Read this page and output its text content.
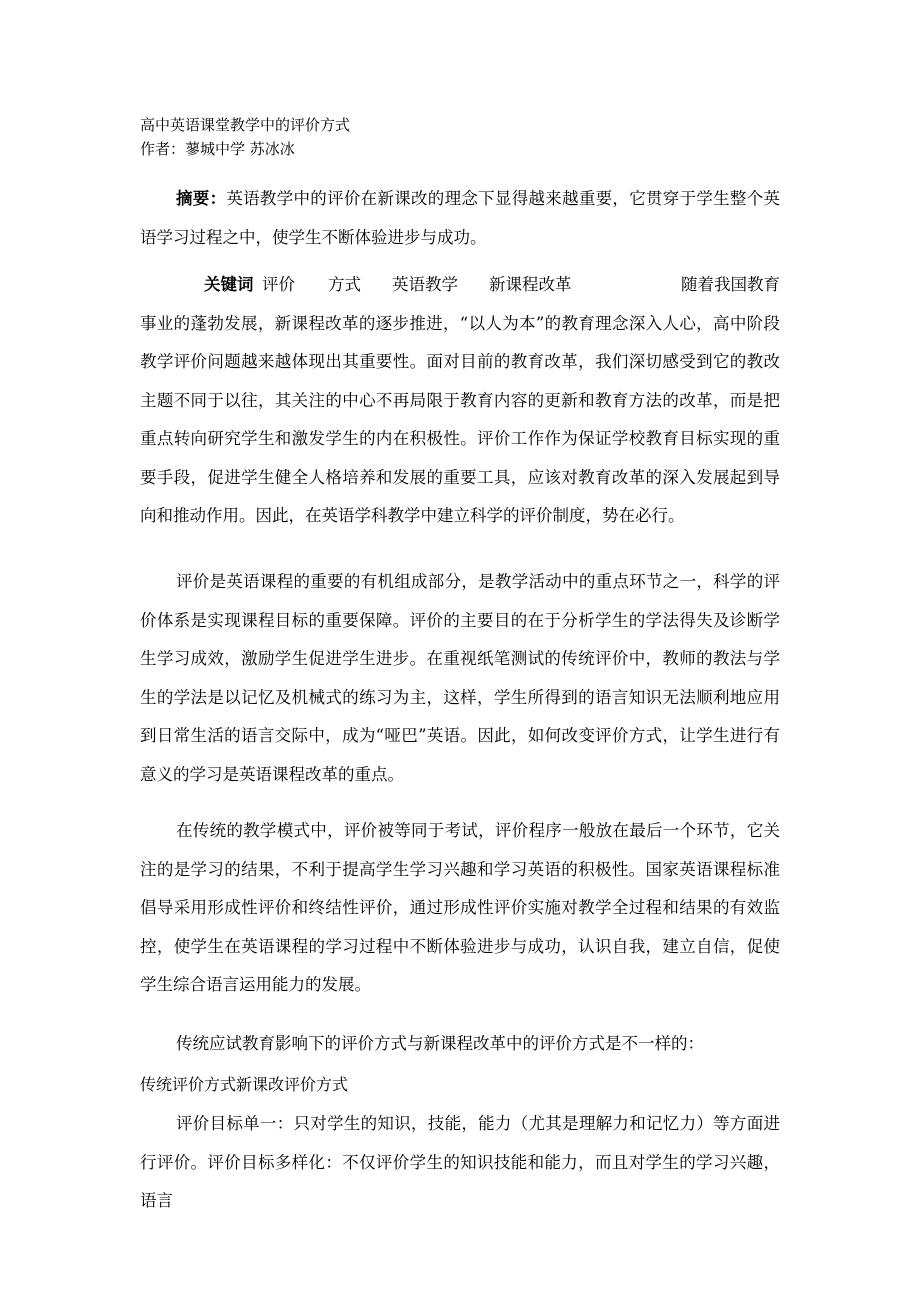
高中英语课堂教学中的评价方式
作者：蓼城中学 苏冰冰
摘要：英语教学中的评价在新课改的理念下显得越来越重要，它贯穿于学生整个英语学习过程之中，使学生不断体验进步与成功。
关键词 评价 方式 英语教学 新课程改革	随着我国教育
事业的蓬勃发展，新课程改革的逐步推进，“以人为本”的教育理念深入人心，高中阶段教学评价问题越来越体现出其重要性。面对目前的教育改革，我们深切感受到它的教改主题不同于以往，其关注的中心不再局限于教育内容的更新和教育方法的改革，而是把重点转向研究学生和激发学生的内在积极性。评价工作作为保证学校教育目标实现的重要手段，促进学生健全人格培养和发展的重要工具，应该对教育改革的深入发展起到导向和推动作用。因此，在英语学科教学中建立科学的评价制度，势在必行。
评价是英语课程的重要的有机组成部分，是教学活动中的重点环节之一，科学的评价体系是实现课程目标的重要保障。评价的主要目的在于分析学生的学法得失及诊断学生学习成效，激励学生促进学生进步。在重视纸笔测试的传统评价中，教师的教法与学生的学法是以记忆及机械式的练习为主，这样，学生所得到的语言知识无法顺利地应用到日常生活的语言交际中，成为“哑巴”英语。因此，如何改变评价方式，让学生进行有意义的学习是英语课程改革的重点。
在传统的教学模式中，评价被等同于考试，评价程序一般放在最后一个环节，它关注的是学习的结果，不利于提高学生学习兴趣和学习英语的积极性。国家英语课程标准倡导采用形成性评价和终结性评价，通过形成性评价实施对教学全过程和结果的有效监控，使学生在英语课程的学习过程中不断体验进步与成功，认识自我，建立自信，促使学生综合语言运用能力的发展。
传统应试教育影响下的评价方式与新课程改革中的评价方式是不一样的：
传统评价方式新课改评价方式
评价目标单一：只对学生的知识，技能，能力（尤其是理解力和记忆力）等方面进行评价。评价目标多样化：不仅评价学生的知识技能和能力，而且对学生的学习兴趣，语言
